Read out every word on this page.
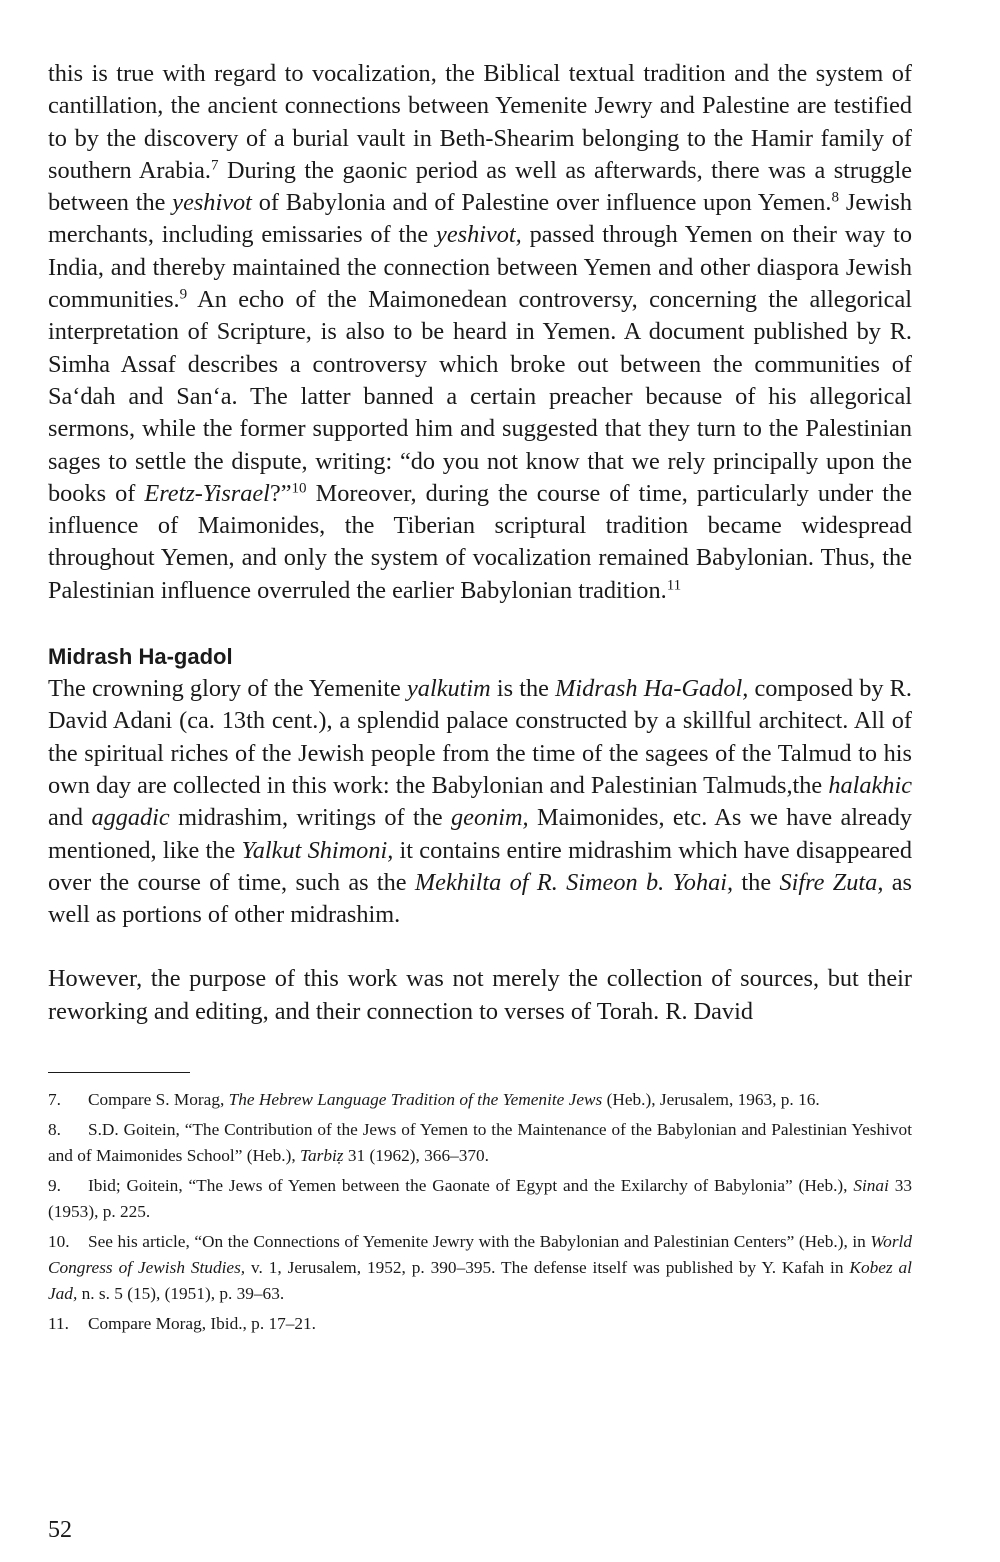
this is true with regard to vocalization, the Biblical textual tradition and the system of cantillation, the ancient connections between Yemenite Jewry and Palestine are testified to by the discovery of a burial vault in Beth-Shearim belonging to the Hamir family of southern Arabia.$^7$ During the gaonic period as well as afterwards, there was a struggle between the yeshivot of Babylonia and of Palestine over influence upon Yemen.$^8$ Jewish merchants, including emissaries of the yeshivot, passed through Yemen on their way to India, and thereby maintained the connection between Yemen and other diaspora Jewish communities.$^9$ An echo of the Maimonedean controversy, concerning the allegorical interpretation of Scripture, is also to be heard in Yemen. A document published by R. Simha Assaf describes a controversy which broke out between the communities of Sa‘dah and San‘a. The latter banned a certain preacher because of his allegorical sermons, while the former supported him and suggested that they turn to the Palestinian sages to settle the dispute, writing: “do you not know that we rely principally upon the books of Eretz-Yisrael?”$^{10}$ Moreover, during the course of time, particularly under the influence of Maimonides, the Tiberian scriptural tradition became widespread throughout Yemen, and only the system of vocalization remained Babylonian. Thus, the Palestinian influence overruled the earlier Babylonian tradition.$^{11}$

Midrash Ha-gadol

The crowning glory of the Yemenite yalkutim is the Midrash Ha-Gadol, composed by R. David Adani (ca. 13th cent.), a splendid palace constructed by a skillful architect. All of the spiritual riches of the Jewish people from the time of the sagees of the Talmud to his own day are collected in this work: the Babylonian and Palestinian Talmuds,the halakhic and aggadic midrashim, writings of the geonim, Maimonides, etc. As we have already mentioned, like the Yalkut Shimoni, it contains entire midrashim which have disappeared over the course of time, such as the Mekhilta of R. Simeon b. Yohai, the Sifre Zuta, as well as portions of other midrashim.

However, the purpose of this work was not merely the collection of sources, but their reworking and editing, and their connection to verses of Torah. R. David

7. Compare S. Morag, The Hebrew Language Tradition of the Yemenite Jews (Heb.), Jerusalem, 1963, p. 16.

8. S.D. Goitein, “The Contribution of the Jews of Yemen to the Maintenance of the Babylonian and Palestinian Yeshivot and of Maimonides School” (Heb.), Tarbiẓ 31 (1962), 366–370.

9. Ibid; Goitein, “The Jews of Yemen between the Gaonate of Egypt and the Exilarchy of Babylonia” (Heb.), Sinai 33 (1953), p. 225.

10. See his article, “On the Connections of Yemenite Jewry with the Babylonian and Palestinian Centers” (Heb.), in World Congress of Jewish Studies, v. 1, Jerusalem, 1952, p. 390–395. The defense itself was published by Y. Kafah in Kobez al Jad, n. s. 5 (15), (1951), p. 39–63.

11. Compare Morag, Ibid., p. 17–21.

52
